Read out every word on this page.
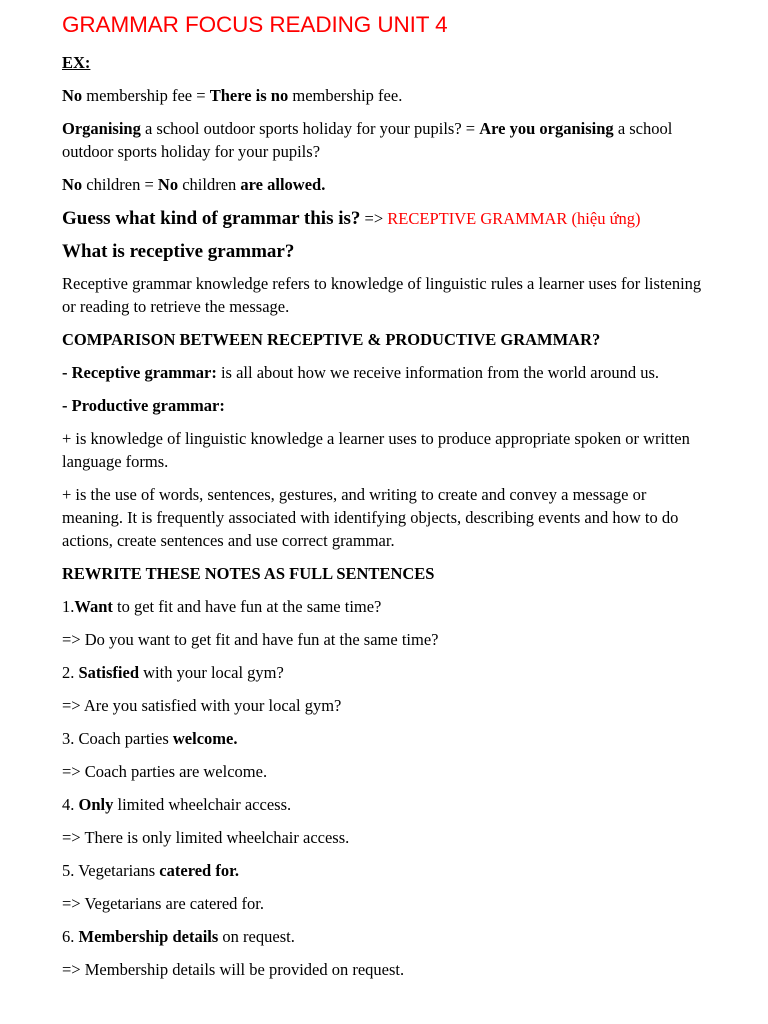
GRAMMAR FOCUS READING UNIT 4

EX:

No membership fee = There is no membership fee.

Organising a school outdoor sports holiday for your pupils? = Are you organising a school outdoor sports holiday for your pupils?

No children = No children are allowed.

Guess what kind of grammar this is? => RECEPTIVE GRAMMAR (hiệu ứng)

What is receptive grammar?

Receptive grammar knowledge refers to knowledge of linguistic rules a learner uses for listening or reading to retrieve the message.

COMPARISON BETWEEN RECEPTIVE & PRODUCTIVE GRAMMAR?

- Receptive grammar: is all about how we receive information from the world around us.

- Productive grammar:

+ is knowledge of linguistic knowledge a learner uses to produce appropriate spoken or written language forms.

+ is the use of words, sentences, gestures, and writing to create and convey a message or meaning. It is frequently associated with identifying objects, describing events and how to do actions, create sentences and use correct grammar.

REWRITE THESE NOTES AS FULL SENTENCES

1.Want to get fit and have fun at the same time?

=> Do you want to get fit and have fun at the same time?

2. Satisfied with your local gym?

=> Are you satisfied with your local gym?

3. Coach parties welcome.

=> Coach parties are welcome.

4. Only limited wheelchair access.

=> There is only limited wheelchair access.

5. Vegetarians catered for.

=> Vegetarians are catered for.

6. Membership details on request.

=> Membership details will be provided on request.
